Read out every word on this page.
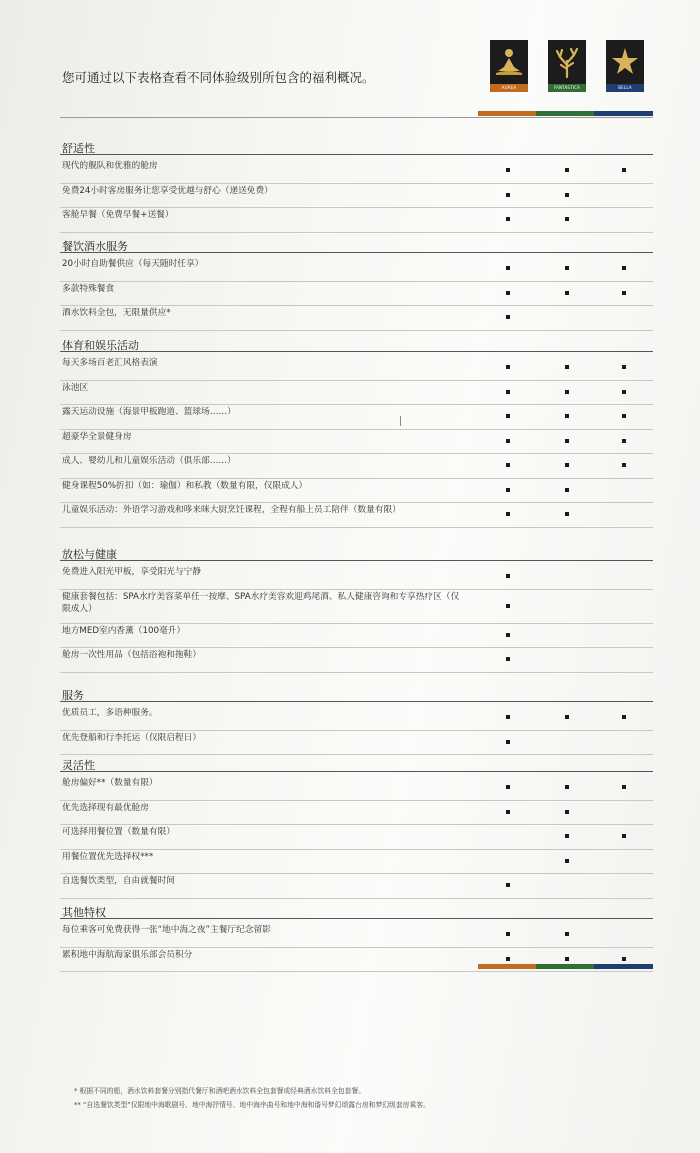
您可通过以下表格查看不同体验级别所包含的福利概况。
AUREA	FANTASTICA	BELLA
舒适性
现代的舰队和优雅的舱房
免费24小时客房服务让您享受优越与舒心（递送免费）
客舱早餐（免费早餐+送餐）
餐饮酒水服务
20小时自助餐供应（每天随时任享）
多款特殊餐食
酒水饮料全包，无限量供应*
体育和娱乐活动
每天多场百老汇风格表演
泳池区
露天运动设施（海景甲板跑道、篮球场……）
超豪华全景健身房
成人、婴幼儿和儿童娱乐活动（俱乐部……）
健身课程50%折扣（如：瑜伽）和私教（数量有限，仅限成人）
儿童娱乐活动：外语学习游戏和哆来咪大厨烹饪课程，全程有船上员工陪伴（数量有限）
放松与健康
免费进入阳光甲板，享受阳光与宁静
健康套餐包括：SPA水疗美容菜单任一按摩、SPA水疗美容欢迎鸡尾酒、私人健康咨询和专享热疗区（仅
限成人）
地方MED室内香薰（100毫升）
舱房一次性用品（包括浴袍和拖鞋）
服务
优质员工，多语种服务。
优先登船和行李托运（仅限启程日）
灵活性
舱房偏好**（数量有限）
优先选择现有最优舱房
可选择用餐位置（数量有限）
用餐位置优先选择权***
自选餐饮类型，自由就餐时间
其他特权
每位乘客可免费获得一张“地中海之夜”主餐厅纪念留影
累积地中海航海家俱乐部会员积分
* 根据不同的船，酒水饮料套餐分别指代餐厅和酒吧酒水饮料全包套餐或经典酒水饮料全包套餐。
** “自选餐饮类型”仅限地中海歌剧号、地中海抒情号、地中海序曲号和地中海和谐号梦幻颂露台房和梦幻级套房乘客。
